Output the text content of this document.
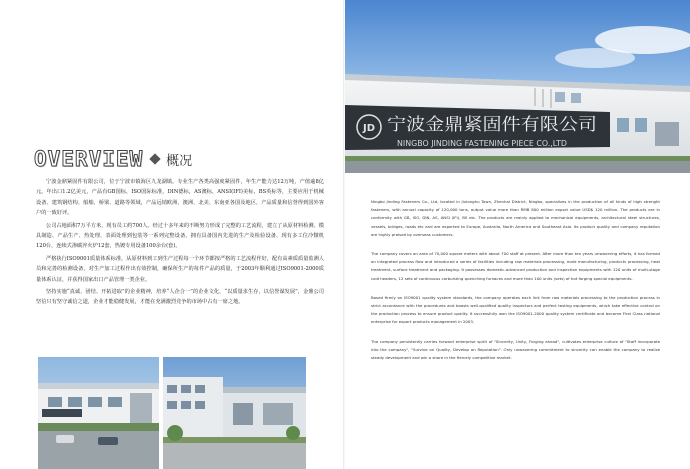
OVERVIEW 概况

宁波金鼎紧固件有限公司，位于宁波市镇海区九龙湖镇。专业生产各类高强度紧固件，年生产能力达12万吨，产值逾8亿元。年出口1.2亿美元，产品有GB国标，ISO国际标准，DIN德标，AS澳标，ANSI(IFI)美标，BS英标等，主要应用于机械设备、建筑钢结构、船舶、桥梁、道路等领域，产品远销欧洲、澳洲、北美、东南亚各国及地区，产品质量和信誉得到国外客户的一致好评。

公司占地面积7万平方米，现有员工约700人。经过十多年来的不断努力形成了完整的工艺流程，建立了从原材料检测、模具制造、产品生产、热处理、表面处理到包装等一系列完整设备，拥有具备国内先进的生产及检验设备，现有多工位冷镦机120台，连续式渗碳淬火炉12套，热镀专用设备100余台(套)。

严格执行ISO9001质量体系标准，从原材料到工到生产过程每一个环节都按严格的工艺流程作好，配有高素质质量监测人员和完善的检测设备，对生产加工过程作出有效控制，确保所生产的每件产品的质量，于2003年顺利通过ISO9001-2000质量体系认证，并获得国家出口产品管理一类企业。

坚持实施“真诚、团结、开拓进取”的企业精神，培养“人企合一”的企业文化，“以质量求生存，以信誉谋发展”，金鼎公司坚信只有坚守诚信之道，企业才能稳健发展，才能在充满激烈竞争的市场中占有一席之地。

JD 宁波金鼎紧固件有限公司
NINGBO JINDING FASTENING PIECE CO.,LTD

Ningbo Jinding Fasteners Co., Ltd, located in Jiulonghu Town, Zhenhai District, Ningbo, specializes in the production of all kinds of high strength fasteners, with annual capacity of 120,000 tons, output value more than RMB 800 million export value USD$ 120 million. The products are in conformity with GB, ISO, DIN, AS, ANSI (IFI), BS etc. The products are mainly applied to mechanical equipments, architectural steel structures, vessels, bridges, roads etc and are exported to Europe, Australia, North America and Southeast Asia. Its product quality and company reputation are highly praised by overseas customers.

The company covers an area of 70,000 square meters with about 700 staff at present. After more than ten years unwavering efforts, it has formed an integrated process flow and introduced a series of facilities including raw materials processing, mold manufacturing, products processing, heat treatment, surface treatment and packaging. It possesses domestic-advanced production and inspection equipments with 120 units of multi-stage cold headers, 12 sets of continuous carburizing quenching furnaces and more than 100 units (sets) of hot forging special equipments.

Based firmly on ISO9001 quality system standards, the company operates each link from raw materials processing to the production process in strict accordance with the procedures and boasts well-qualified quality inspectors and perfect testing equipments, which take effective control on the production process to ensure product quality. It successfully won the ISO9001-2000 quality system certificate and became First Class national enterprise for export products management in 2003.

The company persistently carries forward enterprise spirit of "Sincerity, Unity, Forging ahead", cultivates enterprise culture of "Staff incorporate into the company", "Survive on Quality, Develop on Reputation". Only unwavering commitment to sincerity can enable the company to realize steady development and win a share in the fiercely competitive market.
